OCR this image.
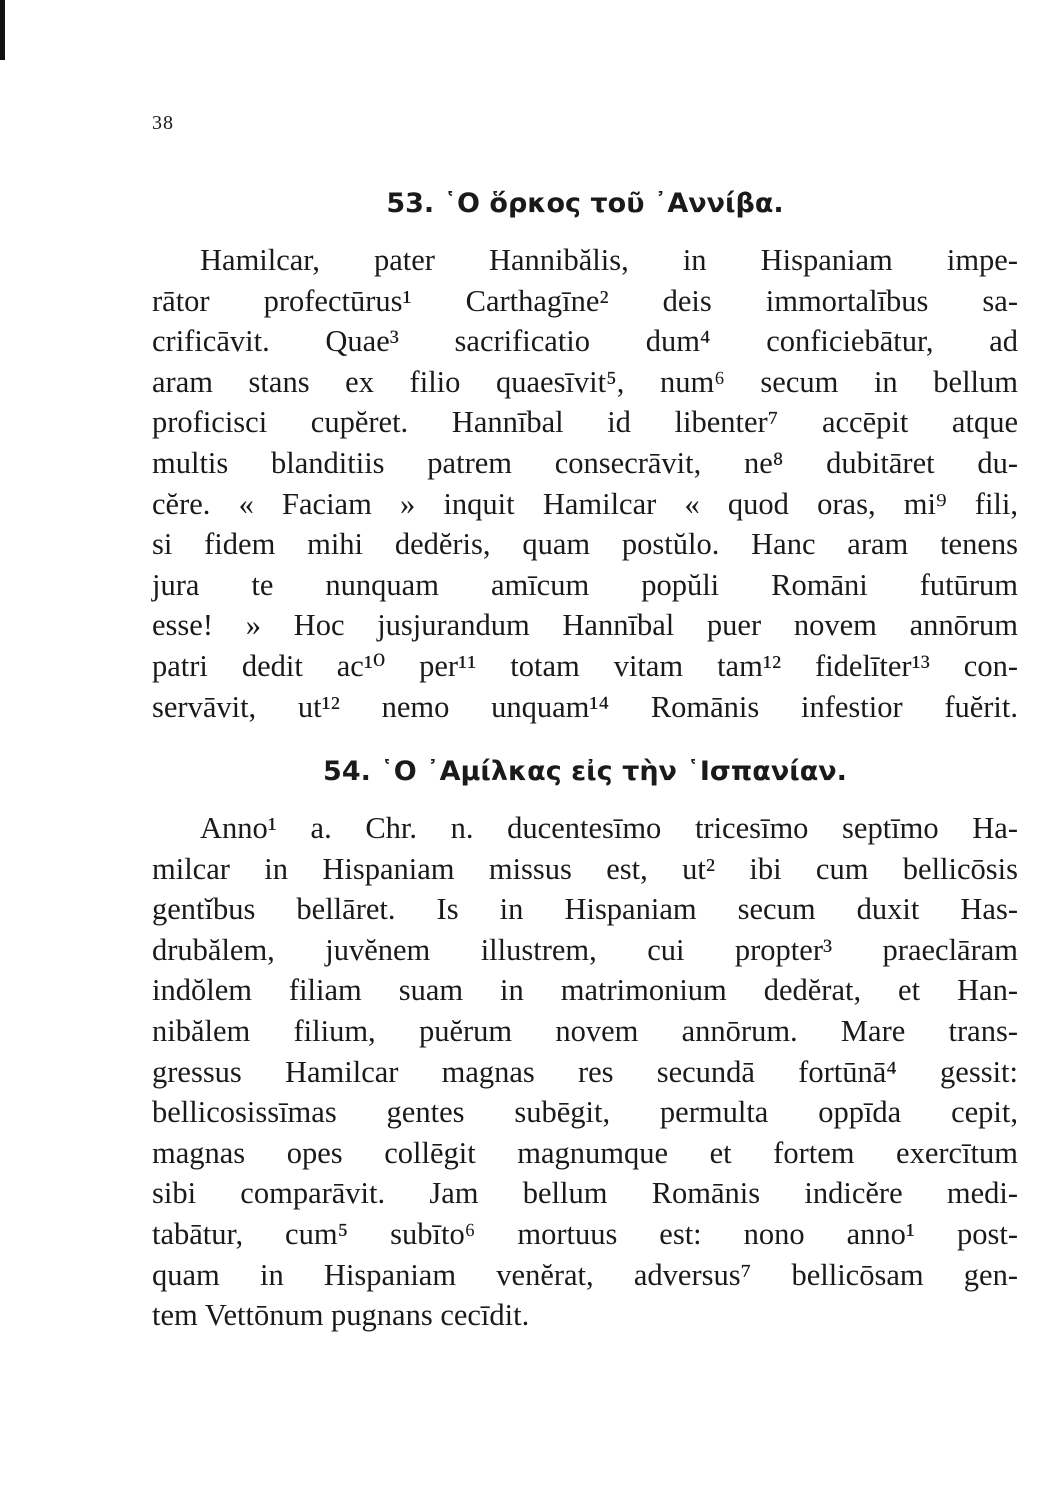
38
53. ῾Ο ὅρκος τοῦ ᾿Αννίβα.
Hamilcar, pater Hannibălis, in Hispaniam impe-
rātor profectūrus¹ Carthagīne² deis immortalībus sa-
crificāvit. Quae³ sacrificatio dum⁴ conficiebātur, ad
aram stans ex filio quaesīvit⁵, num⁶ secum in bellum
proficisci cupĕret. Hannībal id libenter⁷ accēpit atque
multis blanditiis patrem consecrāvit, ne⁸ dubitāret du-
cĕre. « Faciam » inquit Hamilcar « quod oras, mi⁹ fili,
si fidem mihi dedĕris, quam postŭlo. Hanc aram tenens
jura te nunquam amīcum popŭli Romāni futūrum
esse! » Hoc jusjurandum Hannībal puer novem annōrum
patri dedit ac¹⁰ per¹¹ totam vitam tam¹² fidelīter¹³ con-
servāvit, ut¹² nemo unquam¹⁴ Romānis infestior fuĕrit.
54. ῾Ο ᾿Αμίλκας εἰς τὴν ῾Ισπανίαν.
Anno¹ a. Chr. n. ducentesīmo tricesīmo septīmo Ha-
milcar in Hispaniam missus est, ut² ibi cum bellicōsis
gentĭbus bellāret. Is in Hispaniam secum duxit Has-
drubălem, juvĕnem illustrem, cui propter³ praeclāram
indŏlem filiam suam in matrimonium dedĕrat, et Han-
nibălem filium, puĕrum novem annōrum. Mare trans-
gressus Hamilcar magnas res secundā fortūnā⁴ gessit:
bellicosissīmas gentes subēgit, permulta oppīda cepit,
magnas opes collēgit magnumque et fortem exercītum
sibi comparāvit. Jam bellum Romānis indicĕre medi-
tabātur, cum⁵ subīto⁶ mortuus est: nono anno¹ post-
quam in Hispaniam venĕrat, adversus⁷ bellicōsam gen-
tem Vettōnum pugnans cecīdit.
